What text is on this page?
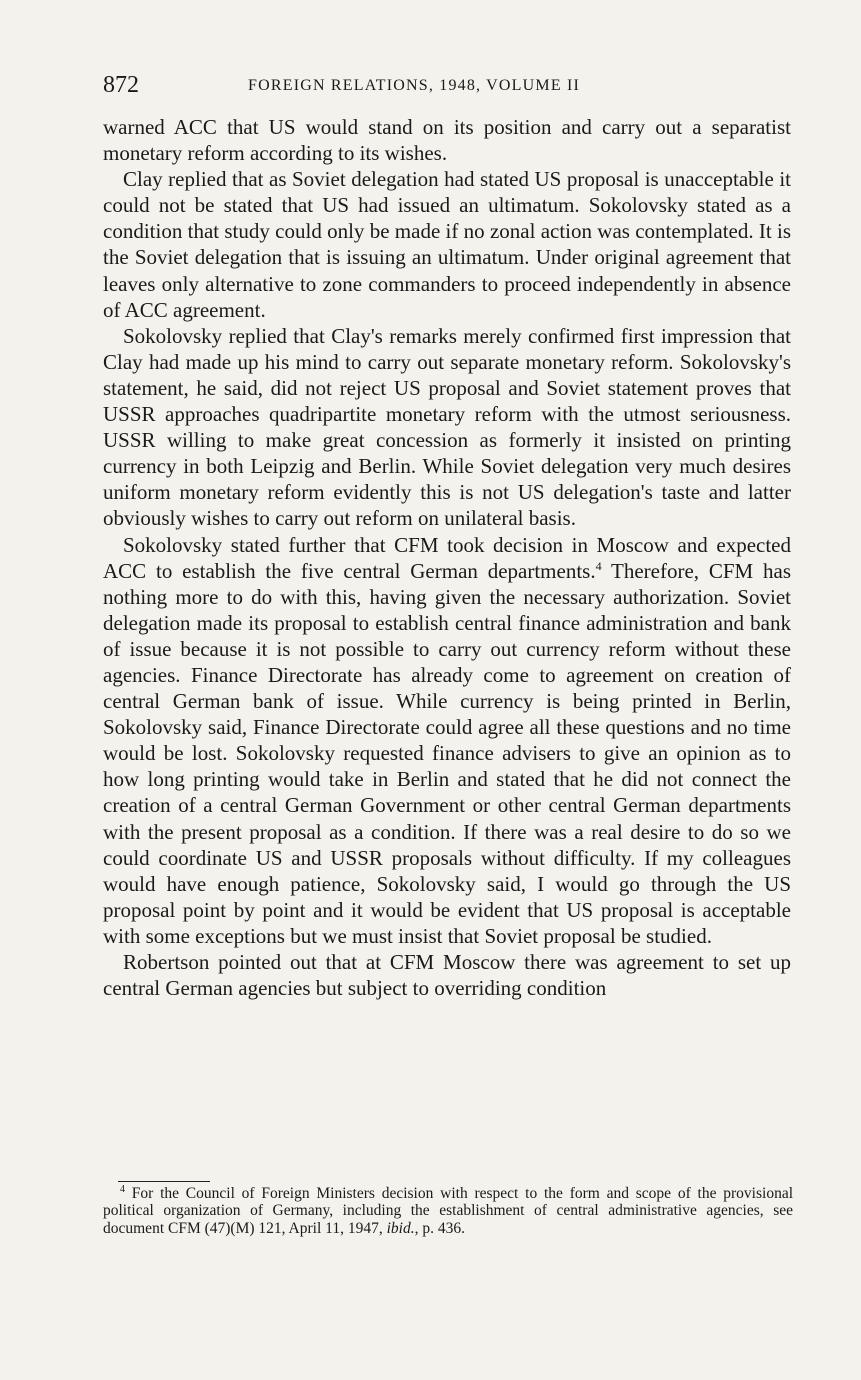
872	FOREIGN RELATIONS, 1948, VOLUME II

warned ACC that US would stand on its position and carry out a separatist monetary reform according to its wishes.

Clay replied that as Soviet delegation had stated US proposal is unacceptable it could not be stated that US had issued an ultimatum. Sokolovsky stated as a condition that study could only be made if no zonal action was contemplated. It is the Soviet delegation that is issuing an ultimatum. Under original agreement that leaves only alternative to zone commanders to proceed independently in absence of ACC agreement.

Sokolovsky replied that Clay's remarks merely confirmed first impression that Clay had made up his mind to carry out separate monetary reform. Sokolovsky's statement, he said, did not reject US proposal and Soviet statement proves that USSR approaches quadripartite monetary reform with the utmost seriousness. USSR willing to make great concession as formerly it insisted on printing currency in both Leipzig and Berlin. While Soviet delegation very much desires uniform monetary reform evidently this is not US delegation's taste and latter obviously wishes to carry out reform on unilateral basis.

Sokolovsky stated further that CFM took decision in Moscow and expected ACC to establish the five central German departments.$^4$ Therefore, CFM has nothing more to do with this, having given the necessary authorization. Soviet delegation made its proposal to establish central finance administration and bank of issue because it is not possible to carry out currency reform without these agencies. Finance Directorate has already come to agreement on creation of central German bank of issue. While currency is being printed in Berlin, Sokolovsky said, Finance Directorate could agree all these questions and no time would be lost. Sokolovsky requested finance advisers to give an opinion as to how long printing would take in Berlin and stated that he did not connect the creation of a central German Government or other central German departments with the present proposal as a condition. If there was a real desire to do so we could coordinate US and USSR proposals without difficulty. If my colleagues would have enough patience, Sokolovsky said, I would go through the US proposal point by point and it would be evident that US proposal is acceptable with some exceptions but we must insist that Soviet proposal be studied.

Robertson pointed out that at CFM Moscow there was agreement to set up central German agencies but subject to overriding condition

$^4$ For the Council of Foreign Ministers decision with respect to the form and scope of the provisional political organization of Germany, including the establishment of central administrative agencies, see document CFM (47)(M) 121, April 11, 1947, ibid., p. 436.
